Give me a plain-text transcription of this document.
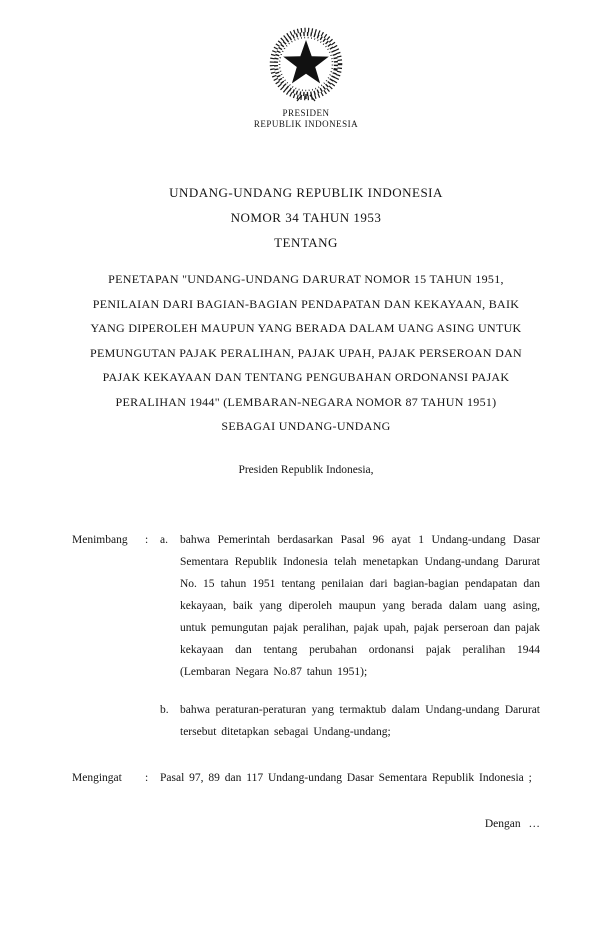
PRESIDEN
REPUBLIK INDONESIA
UNDANG-UNDANG REPUBLIK INDONESIA
NOMOR 34 TAHUN 1953
TENTANG
PENETAPAN "UNDANG-UNDANG DARURAT NOMOR 15 TAHUN 1951,
PENILAIAN DARI BAGIAN-BAGIAN PENDAPATAN DAN KEKAYAAN, BAIK
YANG DIPEROLEH MAUPUN YANG BERADA DALAM UANG ASING UNTUK
PEMUNGUTAN PAJAK PERALIHAN, PAJAK UPAH, PAJAK PERSEROAN DAN
PAJAK KEKAYAAN DAN TENTANG PENGUBAHAN ORDONANSI PAJAK
PERALIHAN 1944" (LEMBARAN-NEGARA NOMOR 87 TAHUN 1951)
SEBAGAI UNDANG-UNDANG
Presiden Republik Indonesia,
Menimbang	:	a.	bahwa Pemerintah berdasarkan Pasal 96 ayat 1 Undang-undang Dasar Sementara Republik Indonesia telah menetapkan Undang-undang Darurat No. 15 tahun 1951 tentang penilaian dari bagian-bagian pendapatan dan kekayaan, baik yang diperoleh maupun yang berada dalam uang asing, untuk pemungutan pajak peralihan, pajak upah, pajak perseroan dan pajak kekayaan dan tentang perubahan ordonansi pajak peralihan 1944 (Lembaran Negara No.87 tahun 1951);
b. bahwa peraturan-peraturan yang termaktub dalam Undang-undang Darurat tersebut ditetapkan sebagai Undang-undang;
Mengingat	:	Pasal 97, 89 dan 117 Undang-undang Dasar Sementara Republik Indonesia ;

Dengan …
